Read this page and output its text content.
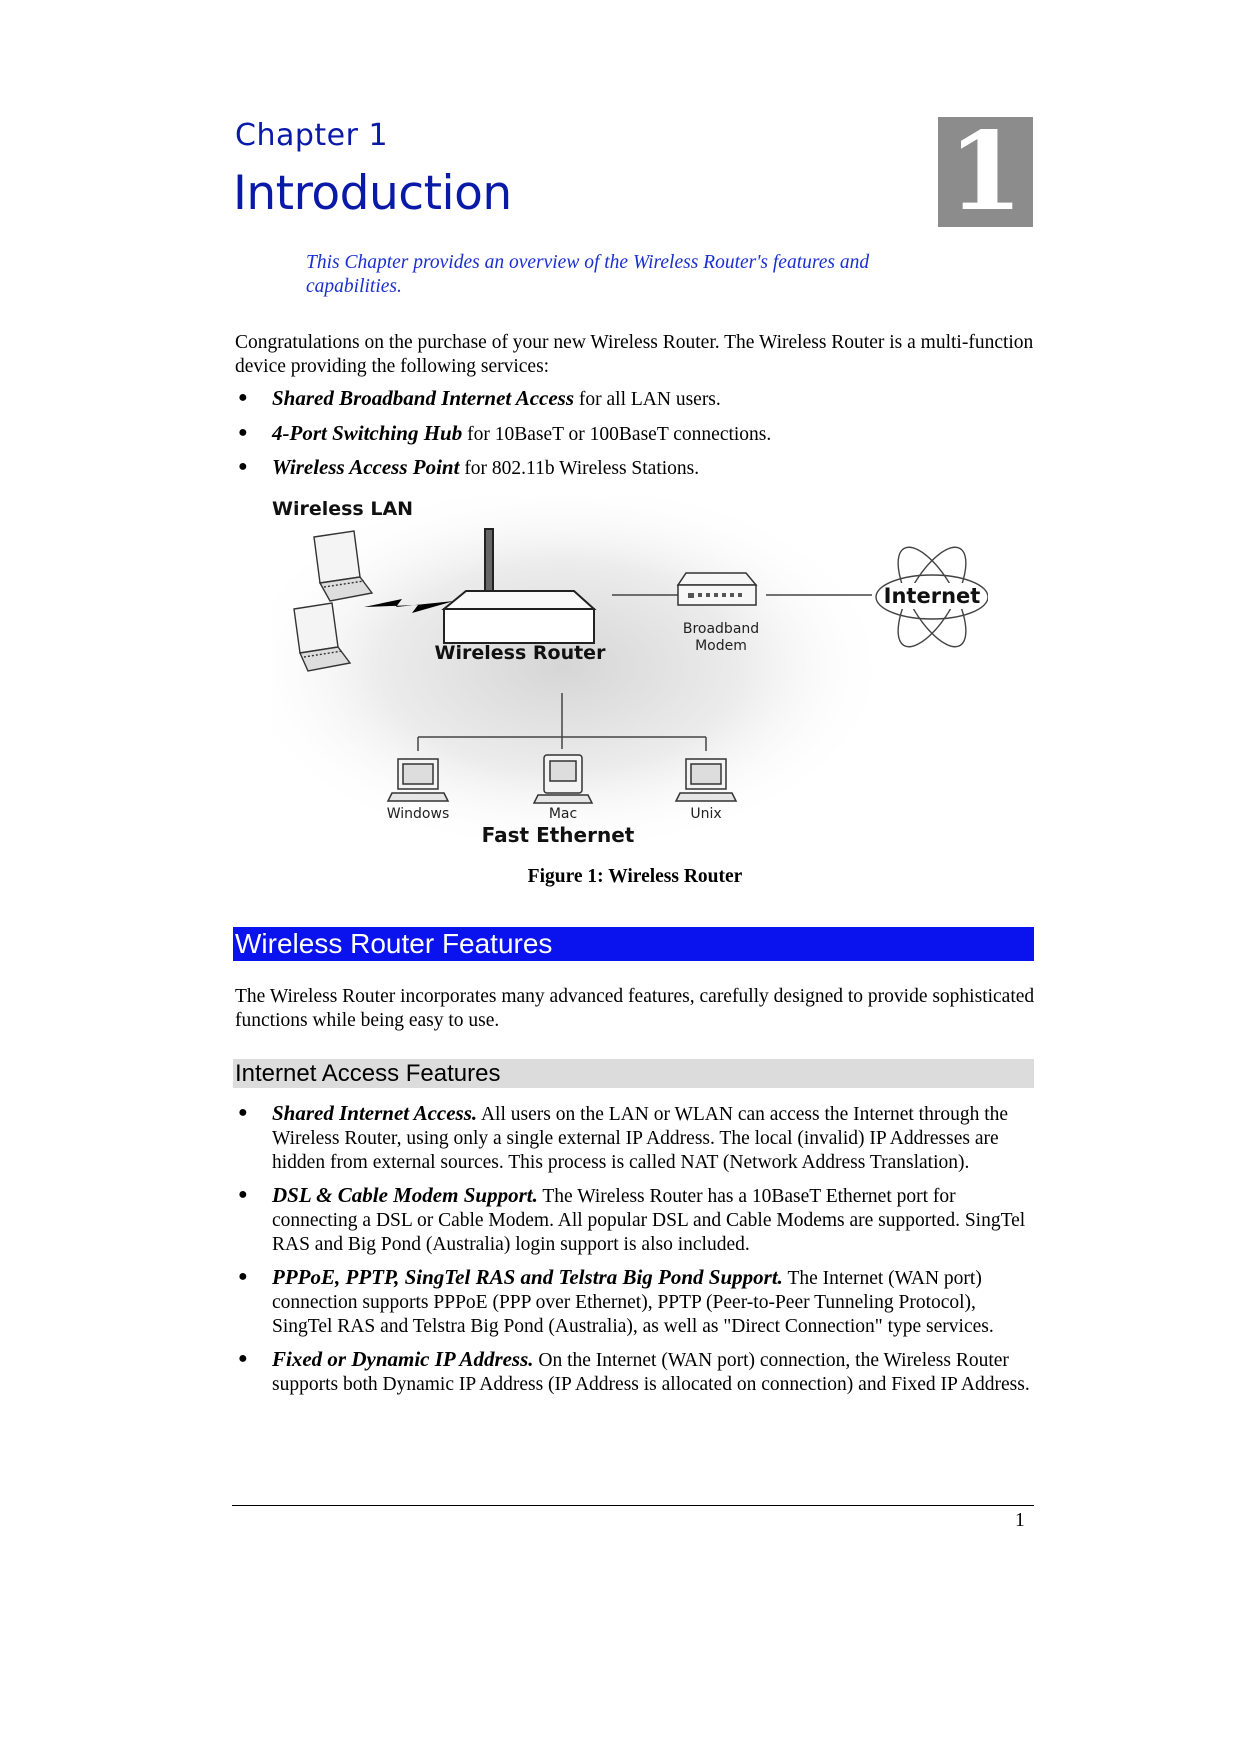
Chapter 1
Introduction	1
This Chapter provides an overview of the Wireless Router's features and capabilities.
Congratulations on the purchase of your new Wireless Router. The Wireless Router is a multi-function device providing the following services:
● Shared Broadband Internet Access for all LAN users.
● 4-Port Switching Hub for 10BaseT or 100BaseT connections.
● Wireless Access Point for 802.11b Wireless Stations.
Wireless LAN
Wireless Router
Broadband
Modem
Internet
Windows	Mac	Unix
Fast Ethernet
Figure 1: Wireless Router
Wireless Router Features
The Wireless Router incorporates many advanced features, carefully designed to provide sophisticated functions while being easy to use.
Internet Access Features
● Shared Internet Access. All users on the LAN or WLAN can access the Internet through the Wireless Router, using only a single external IP Address. The local (invalid) IP Addresses are hidden from external sources. This process is called NAT (Network Address Translation).
● DSL & Cable Modem Support. The Wireless Router has a 10BaseT Ethernet port for connecting a DSL or Cable Modem. All popular DSL and Cable Modems are supported. SingTel RAS and Big Pond (Australia) login support is also included.
● PPPoE, PPTP, SingTel RAS and Telstra Big Pond Support. The Internet (WAN port) connection supports PPPoE (PPP over Ethernet), PPTP (Peer-to-Peer Tunneling Protocol), SingTel RAS and Telstra Big Pond (Australia), as well as "Direct Connection" type services.
● Fixed or Dynamic IP Address. On the Internet (WAN port) connection, the Wireless Router supports both Dynamic IP Address (IP Address is allocated on connection) and Fixed IP Address.
1
